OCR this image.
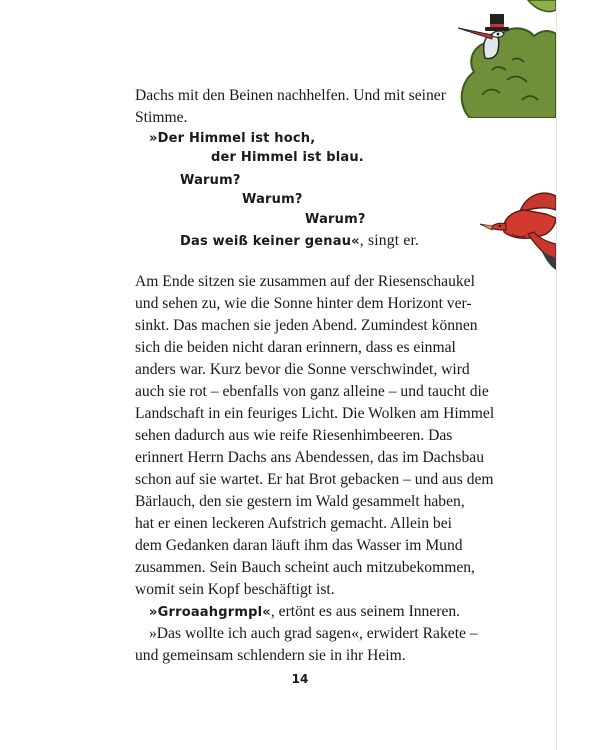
Dachs mit den Beinen nachhelfen. Und mit seiner
Stimme.
»Der Himmel ist hoch,
der Himmel ist blau.
Warum?
Warum?
Warum?
Das weiß keiner genau«, singt er.
Am Ende sitzen sie zusammen auf der Riesenschaukel
und sehen zu, wie die Sonne hinter dem Horizont ver-
sinkt. Das machen sie jeden Abend. Zumindest können
sich die beiden nicht daran erinnern, dass es einmal
anders war. Kurz bevor die Sonne verschwindet, wird
auch sie rot – ebenfalls von ganz alleine – und taucht die
Landschaft in ein feuriges Licht. Die Wolken am Himmel
sehen dadurch aus wie reife Riesenhimbeeren. Das
erinnert Herrn Dachs ans Abendessen, das im Dachsbau
schon auf sie wartet. Er hat Brot gebacken – und aus dem
Bärlauch, den sie gestern im Wald gesammelt haben,
hat er einen leckeren Aufstrich gemacht. Allein bei
dem Gedanken daran läuft ihm das Wasser im Mund
zusammen. Sein Bauch scheint auch mitzubekommen,
womit sein Kopf beschäftigt ist.
»Grroaahgrmpl«, ertönt es aus seinem Inneren.
»Das wollte ich auch grad sagen«, erwidert Rakete –
und gemeinsam schlendern sie in ihr Heim.
14
